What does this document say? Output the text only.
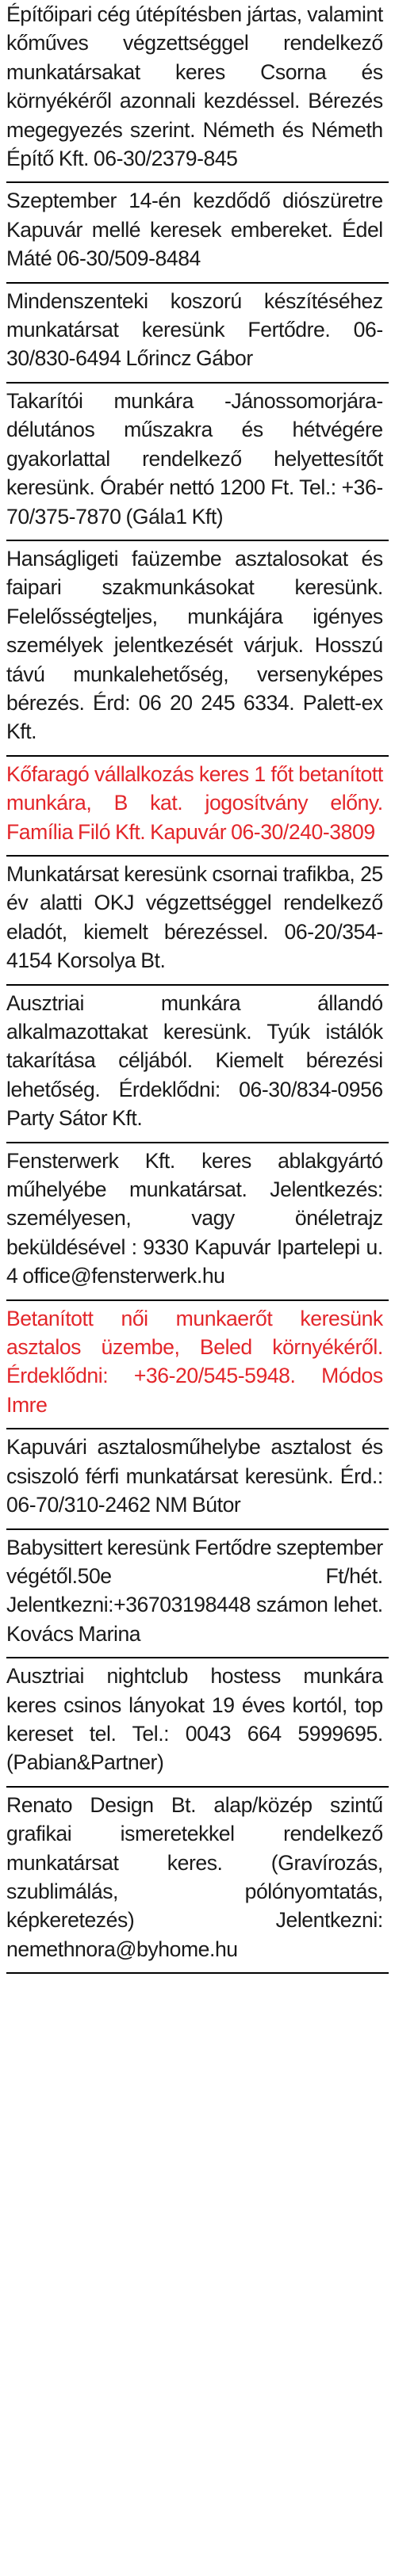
Építőipari cég útépítésben jártas, valamint kőműves végzettséggel rendelkező munkatársakat keres Csorna és környékéről azonnali kezdéssel. Bérezés megegyezés szerint. Németh és Németh Építő Kft. 06-30/2379-845
Szeptember 14-én kezdődő diószüretre Kapuvár mellé keresek embereket. Édel Máté 06-30/509-8484
Mindenszenteki koszorú készítéséhez munkatársat keresünk Fertődre. 06-30/830-6494 Lőrincz Gábor
Takarítói munkára -Jánossomorjára- délutános műszakra és hétvégére gyakorlattal rendelkező helyettesítőt keresünk. Órabér nettó 1200 Ft. Tel.: +36-70/375-7870 (Gála1 Kft)
Hanságligeti faüzembe asztalosokat és faipari szakmunkásokat keresünk. Felelősségteljes, munkájára igényes személyek jelentkezését várjuk. Hosszú távú munkalehetőség, versenyképes bérezés. Érd: 06 20 245 6334. Palett-ex Kft.
Kőfaragó vállalkozás keres 1 főt betanított munkára, B kat. jogosítvány előny. Família Filó Kft. Kapuvár 06-30/240-3809
Munkatársat keresünk csornai trafikba, 25 év alatti OKJ végzettséggel rendelkező eladót, kiemelt bérezéssel. 06-20/354-4154 Korsolya Bt.
Ausztriai munkára állandó alkalmazottakat keresünk. Tyúk istálók takarítása céljából. Kiemelt bérezési lehetőség. Érdeklődni: 06-30/834-0956 Party Sátor Kft.
Fensterwerk Kft. keres ablakgyártó műhelyébe munkatársat. Jelentkezés: személyesen, vagy önéletrajz beküldésével : 9330 Kapuvár Ipartelepi u. 4 office@fensterwerk.hu
Betanított női munkaerőt keresünk asztalos üzembe, Beled környékéről. Érdeklődni: +36-20/545-5948. Módos Imre
Kapuvári asztalosműhelybe asztalost és csiszoló férfi munkatársat keresünk. Érd.: 06-70/310-2462 NM Bútor
Babysittert keresünk Fertődre szeptember végétől.50e Ft/hét. Jelentkezni:+36703198448 számon lehet. Kovács Marina
Ausztriai nightclub hostess munkára keres csinos lányokat 19 éves kortól, top kereset tel. Tel.: 0043 664 5999695. (Pabian&Partner)
Renato Design Bt. alap/közép szintű grafikai ismeretekkel rendelkező munkatársat keres. (Gravírozás, szublimálás, pólónyomtatás, képkeretezés) Jelentkezni: nemethnora@byhome.hu
